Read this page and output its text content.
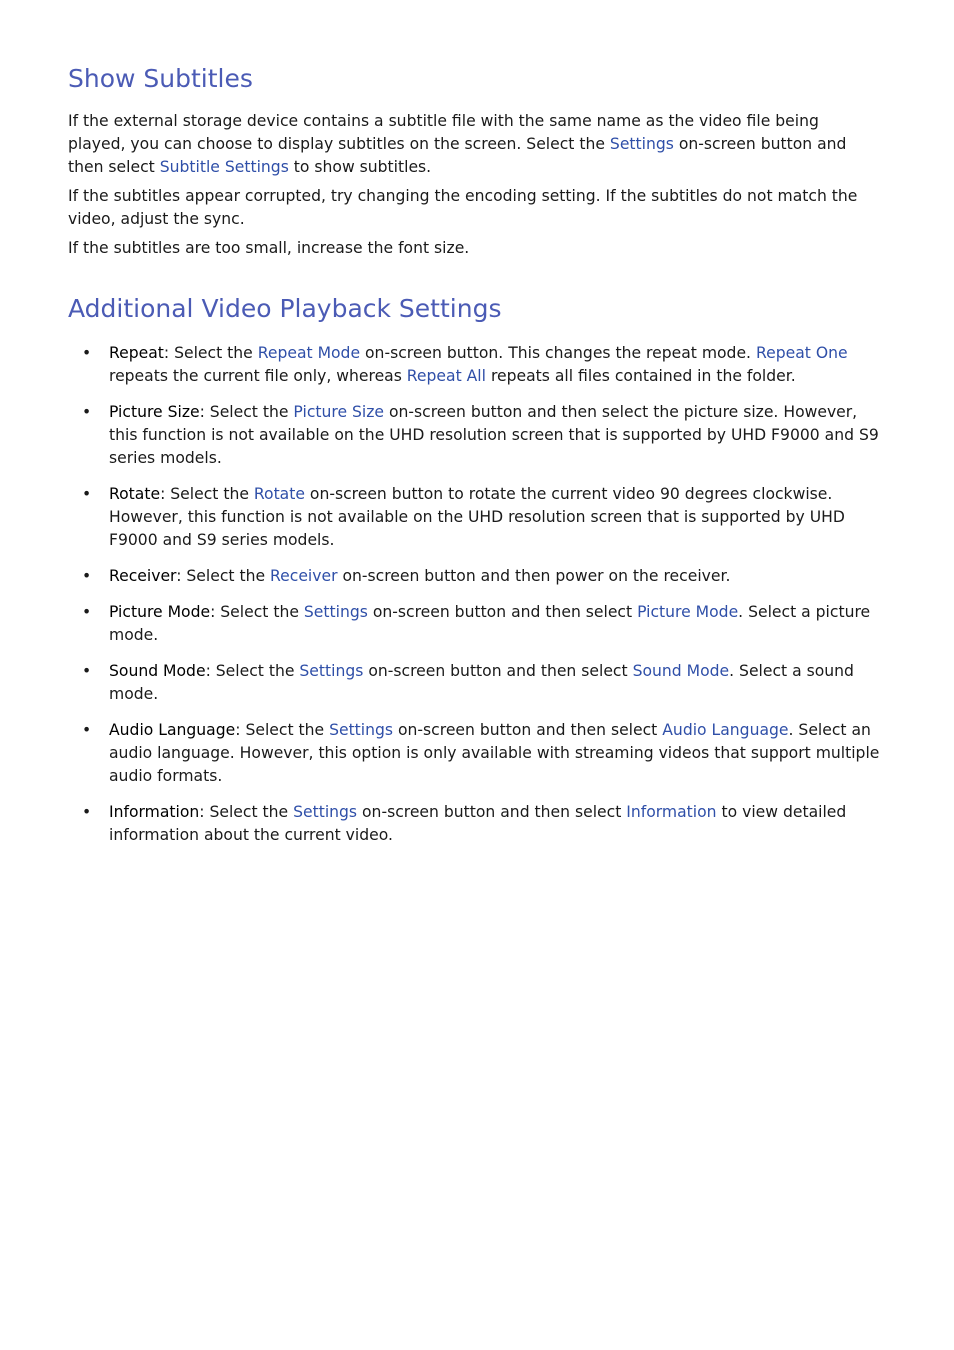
Show Subtitles

If the external storage device contains a subtitle file with the same name as the video file being played, you can choose to display subtitles on the screen. Select the Settings on-screen button and then select Subtitle Settings to show subtitles.

If the subtitles appear corrupted, try changing the encoding setting. If the subtitles do not match the video, adjust the sync.

If the subtitles are too small, increase the font size.

Additional Video Playback Settings
• Repeat: Select the Repeat Mode on-screen button. This changes the repeat mode. Repeat One repeats the current file only, whereas Repeat All repeats all files contained in the folder.
• Picture Size: Select the Picture Size on-screen button and then select the picture size. However, this function is not available on the UHD resolution screen that is supported by UHD F9000 and S9 series models.
• Rotate: Select the Rotate on-screen button to rotate the current video 90 degrees clockwise. However, this function is not available on the UHD resolution screen that is supported by UHD F9000 and S9 series models.
• Receiver: Select the Receiver on-screen button and then power on the receiver.
• Picture Mode: Select the Settings on-screen button and then select Picture Mode. Select a picture mode.
• Sound Mode: Select the Settings on-screen button and then select Sound Mode. Select a sound mode.
• Audio Language: Select the Settings on-screen button and then select Audio Language. Select an audio language. However, this option is only available with streaming videos that support multiple audio formats.
• Information: Select the Settings on-screen button and then select Information to view detailed information about the current video.
